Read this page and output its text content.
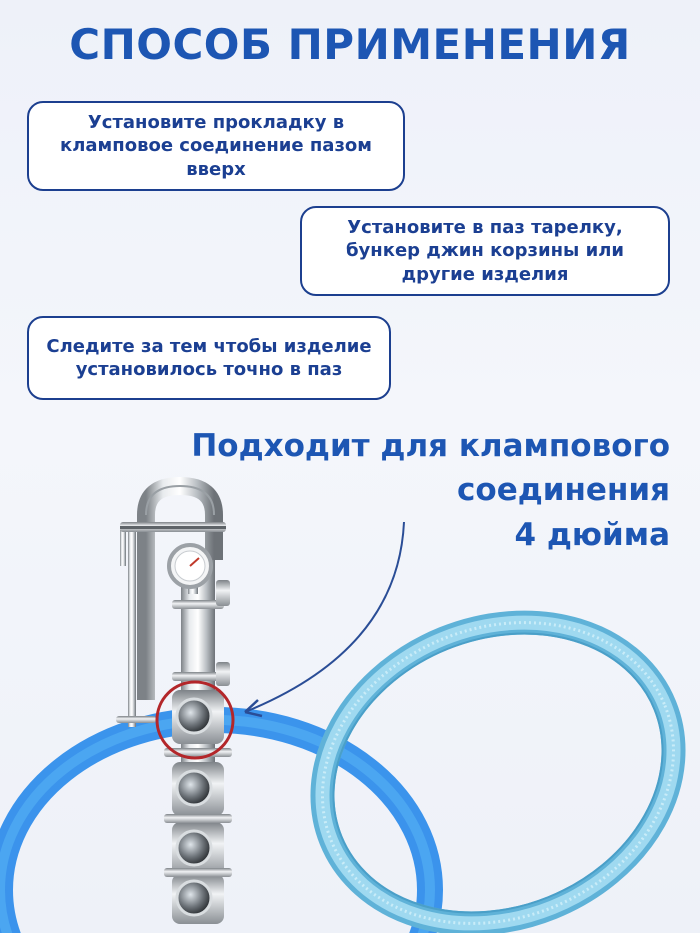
СПОСОБ ПРИМЕНЕНИЯ
Установите прокладку в кламповое соединение пазом вверх
Установите в паз тарелку, бункер джин корзины или другие изделия
Следите за тем чтобы изделие установилось точно в паз
Подходит для клампового
соединения
4 дюйма
